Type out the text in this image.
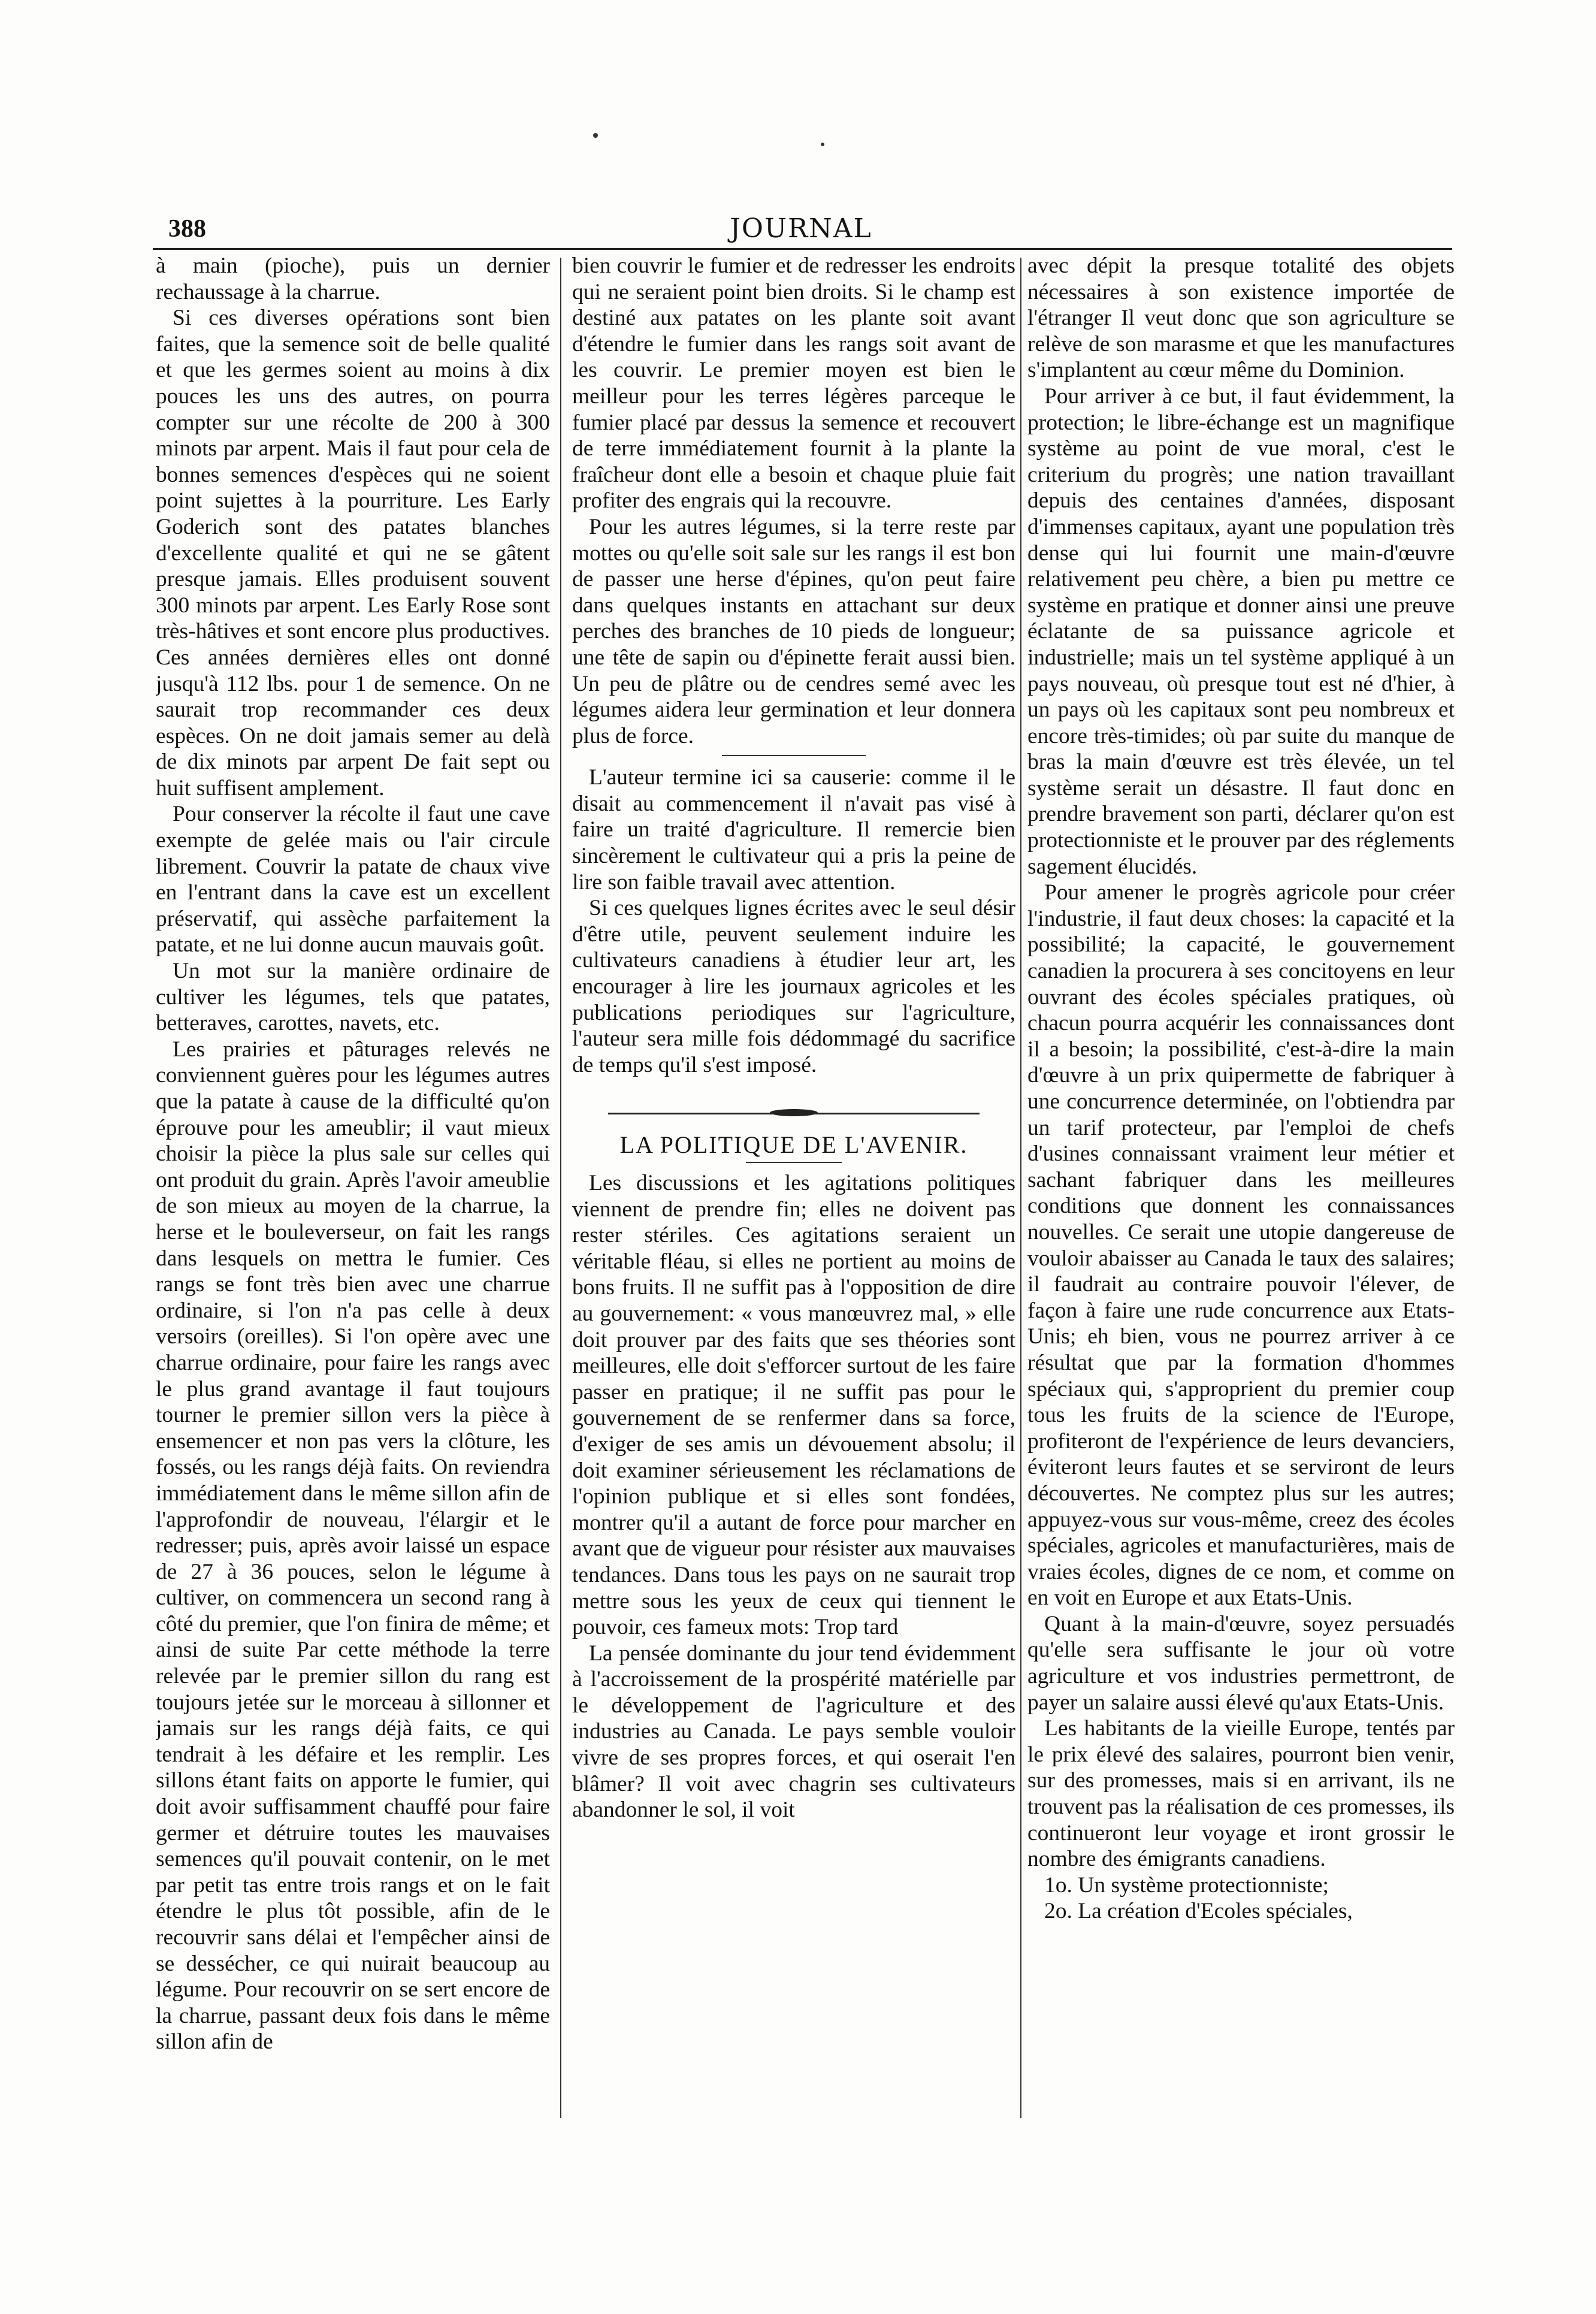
388	JOURNAL

à main (pioche), puis un dernier rechaussage à la charrue.

Si ces diverses opérations sont bien faites, que la semence soit de belle qualité et que les germes soient au moins à dix pouces les uns des autres, on pourra compter sur une récolte de 200 à 300 minots par arpent. Mais il faut pour cela de bonnes semences d'espèces qui ne soient point sujettes à la pourriture. Les Early Goderich sont des patates blanches d'excellente qualité et qui ne se gâtent presque jamais. Elles produisent souvent 300 minots par arpent. Les Early Rose sont très-hâtives et sont encore plus productives. Ces années dernières elles ont donné jusqu'à 112 lbs. pour 1 de semence. On ne saurait trop recommander ces deux espèces. On ne doit jamais semer au delà de dix minots par arpent De fait sept ou huit suffisent amplement.

Pour conserver la récolte il faut une cave exempte de gelée mais ou l'air circule librement. Couvrir la patate de chaux vive en l'entrant dans la cave est un excellent préservatif, qui assèche parfaitement la patate, et ne lui donne aucun mauvais goût.

Un mot sur la manière ordinaire de cultiver les légumes, tels que patates, betteraves, carottes, navets, etc.

Les prairies et pâturages relevés ne conviennent guères pour les légumes autres que la patate à cause de la difficulté qu'on éprouve pour les ameublir; il vaut mieux choisir la pièce la plus sale sur celles qui ont produit du grain. Après l'avoir ameublie de son mieux au moyen de la charrue, la herse et le bouleverseur, on fait les rangs dans lesquels on mettra le fumier. Ces rangs se font très bien avec une charrue ordinaire, si l'on n'a pas celle à deux versoirs (oreilles). Si l'on opère avec une charrue ordinaire, pour faire les rangs avec le plus grand avantage il faut toujours tourner le premier sillon vers la pièce à ensemencer et non pas vers la clôture, les fossés, ou les rangs déjà faits. On reviendra immédiatement dans le même sillon afin de l'approfondir de nouveau, l'élargir et le redresser; puis, après avoir laissé un espace de 27 à 36 pouces, selon le légume à cultiver, on commencera un second rang à côté du premier, que l'on finira de même; et ainsi de suite Par cette méthode la terre relevée par le premier sillon du rang est toujours jetée sur le morceau à sillonner et jamais sur les rangs déjà faits, ce qui tendrait à les défaire et les remplir. Les sillons étant faits on apporte le fumier, qui doit avoir suffisamment chauffé pour faire germer et détruire toutes les mauvaises semences qu'il pouvait contenir, on le met par petit tas entre trois rangs et on le fait étendre le plus tôt possible, afin de le recouvrir sans délai et l'empêcher ainsi de se dessécher, ce qui nuirait beaucoup au légume. Pour recouvrir on se sert encore de la charrue, passant deux fois dans le même sillon afin de

bien couvrir le fumier et de redresser les endroits qui ne seraient point bien droits. Si le champ est destiné aux patates on les plante soit avant d'étendre le fumier dans les rangs soit avant de les couvrir. Le premier moyen est bien le meilleur pour les terres légères parceque le fumier placé par dessus la semence et recouvert de terre immédiatement fournit à la plante la fraîcheur dont elle a besoin et chaque pluie fait profiter des engrais qui la recouvre.

Pour les autres légumes, si la terre reste par mottes ou qu'elle soit sale sur les rangs il est bon de passer une herse d'épines, qu'on peut faire dans quelques instants en attachant sur deux perches des branches de 10 pieds de longueur; une tête de sapin ou d'épinette ferait aussi bien. Un peu de plâtre ou de cendres semé avec les légumes aidera leur germination et leur donnera plus de force.

L'auteur termine ici sa causerie: comme il le disait au commencement il n'avait pas visé à faire un traité d'agriculture. Il remercie bien sincèrement le cultivateur qui a pris la peine de lire son faible travail avec attention.

Si ces quelques lignes écrites avec le seul désir d'être utile, peuvent seulement induire les cultivateurs canadiens à étudier leur art, les encourager à lire les journaux agricoles et les publications periodiques sur l'agriculture, l'auteur sera mille fois dédommagé du sacrifice de temps qu'il s'est imposé.

LA POLITIQUE DE L'AVENIR.

Les discussions et les agitations politiques viennent de prendre fin; elles ne doivent pas rester stériles. Ces agitations seraient un véritable fléau, si elles ne portient au moins de bons fruits. Il ne suffit pas à l'opposition de dire au gouvernement: « vous manœuvrez mal, » elle doit prouver par des faits que ses théories sont meilleures, elle doit s'efforcer surtout de les faire passer en pratique; il ne suffit pas pour le gouvernement de se renfermer dans sa force, d'exiger de ses amis un dévouement absolu; il doit examiner sérieusement les réclamations de l'opinion publique et si elles sont fondées, montrer qu'il a autant de force pour marcher en avant que de vigueur pour résister aux mauvaises tendances. Dans tous les pays on ne saurait trop mettre sous les yeux de ceux qui tiennent le pouvoir, ces fameux mots: Trop tard

La pensée dominante du jour tend évidemment à l'accroissement de la prospérité matérielle par le développement de l'agriculture et des industries au Canada. Le pays semble vouloir vivre de ses propres forces, et qui oserait l'en blâmer? Il voit avec chagrin ses cultivateurs abandonner le sol, il voit

avec dépit la presque totalité des objets nécessaires à son existence importée de l'étranger Il veut donc que son agriculture se relève de son marasme et que les manufactures s'implantent au cœur même du Dominion.

Pour arriver à ce but, il faut évidemment, la protection; le libre-échange est un magnifique système au point de vue moral, c'est le criterium du progrès; une nation travaillant depuis des centaines d'années, disposant d'immenses capitaux, ayant une population très dense qui lui fournit une main-d'œuvre relativement peu chère, a bien pu mettre ce système en pratique et donner ainsi une preuve éclatante de sa puissance agricole et industrielle; mais un tel système appliqué à un pays nouveau, où presque tout est né d'hier, à un pays où les capitaux sont peu nombreux et encore très-timides; où par suite du manque de bras la main d'œuvre est très élevée, un tel système serait un désastre. Il faut donc en prendre bravement son parti, déclarer qu'on est protectionniste et le prouver par des réglements sagement élucidés.

Pour amener le progrès agricole pour créer l'industrie, il faut deux choses: la capacité et la possibilité; la capacité, le gouvernement canadien la procurera à ses concitoyens en leur ouvrant des écoles spéciales pratiques, où chacun pourra acquérir les connaissances dont il a besoin; la possibilité, c'est-à-dire la main d'œuvre à un prix quipermette de fabriquer à une concurrence determinée, on l'obtiendra par un tarif protecteur, par l'emploi de chefs d'usines connaissant vraiment leur métier et sachant fabriquer dans les meilleures conditions que donnent les connaissances nouvelles. Ce serait une utopie dangereuse de vouloir abaisser au Canada le taux des salaires; il faudrait au contraire pouvoir l'élever, de façon à faire une rude concurrence aux Etats-Unis; eh bien, vous ne pourrez arriver à ce résultat que par la formation d'hommes spéciaux qui, s'approprient du premier coup tous les fruits de la science de l'Europe, profiteront de l'expérience de leurs devanciers, éviteront leurs fautes et se serviront de leurs découvertes. Ne comptez plus sur les autres; appuyez-vous sur vous-même, creez des écoles spéciales, agricoles et manufacturières, mais de vraies écoles, dignes de ce nom, et comme on en voit en Europe et aux Etats-Unis.

Quant à la main-d'œuvre, soyez persuadés qu'elle sera suffisante le jour où votre agriculture et vos industries permettront, de payer un salaire aussi élevé qu'aux Etats-Unis.

Les habitants de la vieille Europe, tentés par le prix élevé des salaires, pourront bien venir, sur des promesses, mais si en arrivant, ils ne trouvent pas la réalisation de ces promesses, ils continueront leur voyage et iront grossir le nombre des émigrants canadiens.

1o. Un système protectionniste;

2o. La création d'Ecoles spéciales,
